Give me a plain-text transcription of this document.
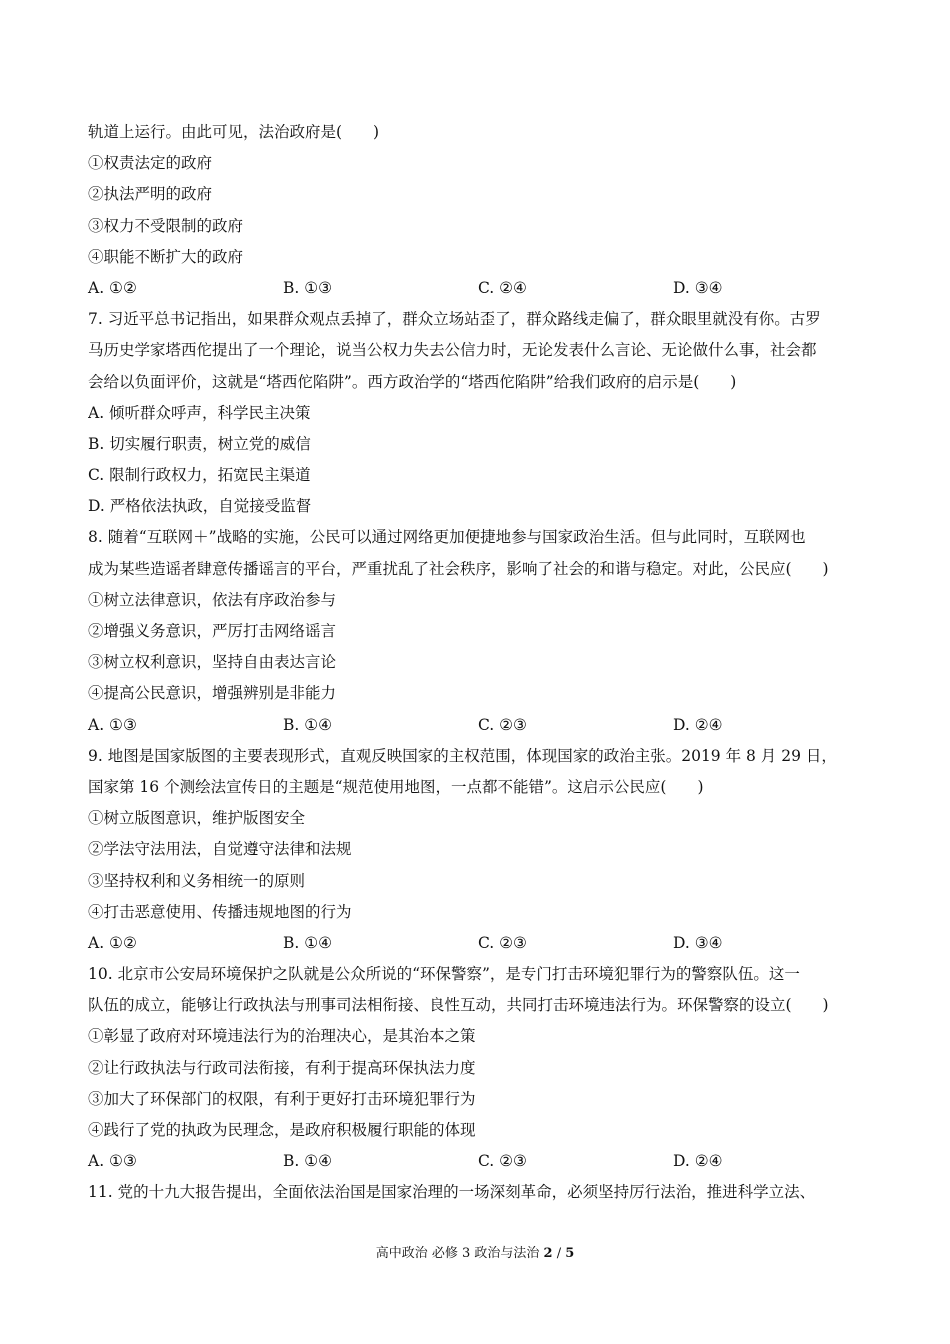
轨道上运行。由此可见，法治政府是(　　)
①权责法定的政府
②执法严明的政府
③权力不受限制的政府
④职能不断扩大的政府
A. ①②	B. ①③	C. ②④	D. ③④
7. 习近平总书记指出，如果群众观点丢掉了，群众立场站歪了，群众路线走偏了，群众眼里就没有你。古罗
马历史学家塔西佗提出了一个理论，说当公权力失去公信力时，无论发表什么言论、无论做什么事，社会都
会给以负面评价，这就是“塔西佗陷阱”。西方政治学的“塔西佗陷阱”给我们政府的启示是(　　)
A. 倾听群众呼声，科学民主决策
B. 切实履行职责，树立党的威信
C. 限制行政权力，拓宽民主渠道
D. 严格依法执政，自觉接受监督
8. 随着“互联网＋”战略的实施，公民可以通过网络更加便捷地参与国家政治生活。但与此同时，互联网也
成为某些造谣者肆意传播谣言的平台，严重扰乱了社会秩序，影响了社会的和谐与稳定。对此，公民应(　　)
①树立法律意识，依法有序政治参与
②增强义务意识，严厉打击网络谣言
③树立权利意识，坚持自由表达言论
④提高公民意识，增强辨别是非能力
A. ①③	B. ①④	C. ②③	D. ②④
9. 地图是国家版图的主要表现形式，直观反映国家的主权范围，体现国家的政治主张。2019 年 8 月 29 日，
国家第 16 个测绘法宣传日的主题是“规范使用地图，一点都不能错”。这启示公民应(　　)
①树立版图意识，维护版图安全
②学法守法用法，自觉遵守法律和法规
③坚持权利和义务相统一的原则
④打击恶意使用、传播违规地图的行为
A. ①②	B. ①④	C. ②③	D. ③④
10. 北京市公安局环境保护之队就是公众所说的“环保警察”，是专门打击环境犯罪行为的警察队伍。这一
队伍的成立，能够让行政执法与刑事司法相衔接、良性互动，共同打击环境违法行为。环保警察的设立(　　)
①彰显了政府对环境违法行为的治理决心，是其治本之策
②让行政执法与行政司法衔接，有利于提高环保执法力度
③加大了环保部门的权限，有利于更好打击环境犯罪行为
④践行了党的执政为民理念，是政府积极履行职能的体现
A. ①③	B. ①④	C. ②③	D. ②④
11. 党的十九大报告提出，全面依法治国是国家治理的一场深刻革命，必须坚持厉行法治，推进科学立法、
高中政治 必修 3 政治与法治 2 / 5
